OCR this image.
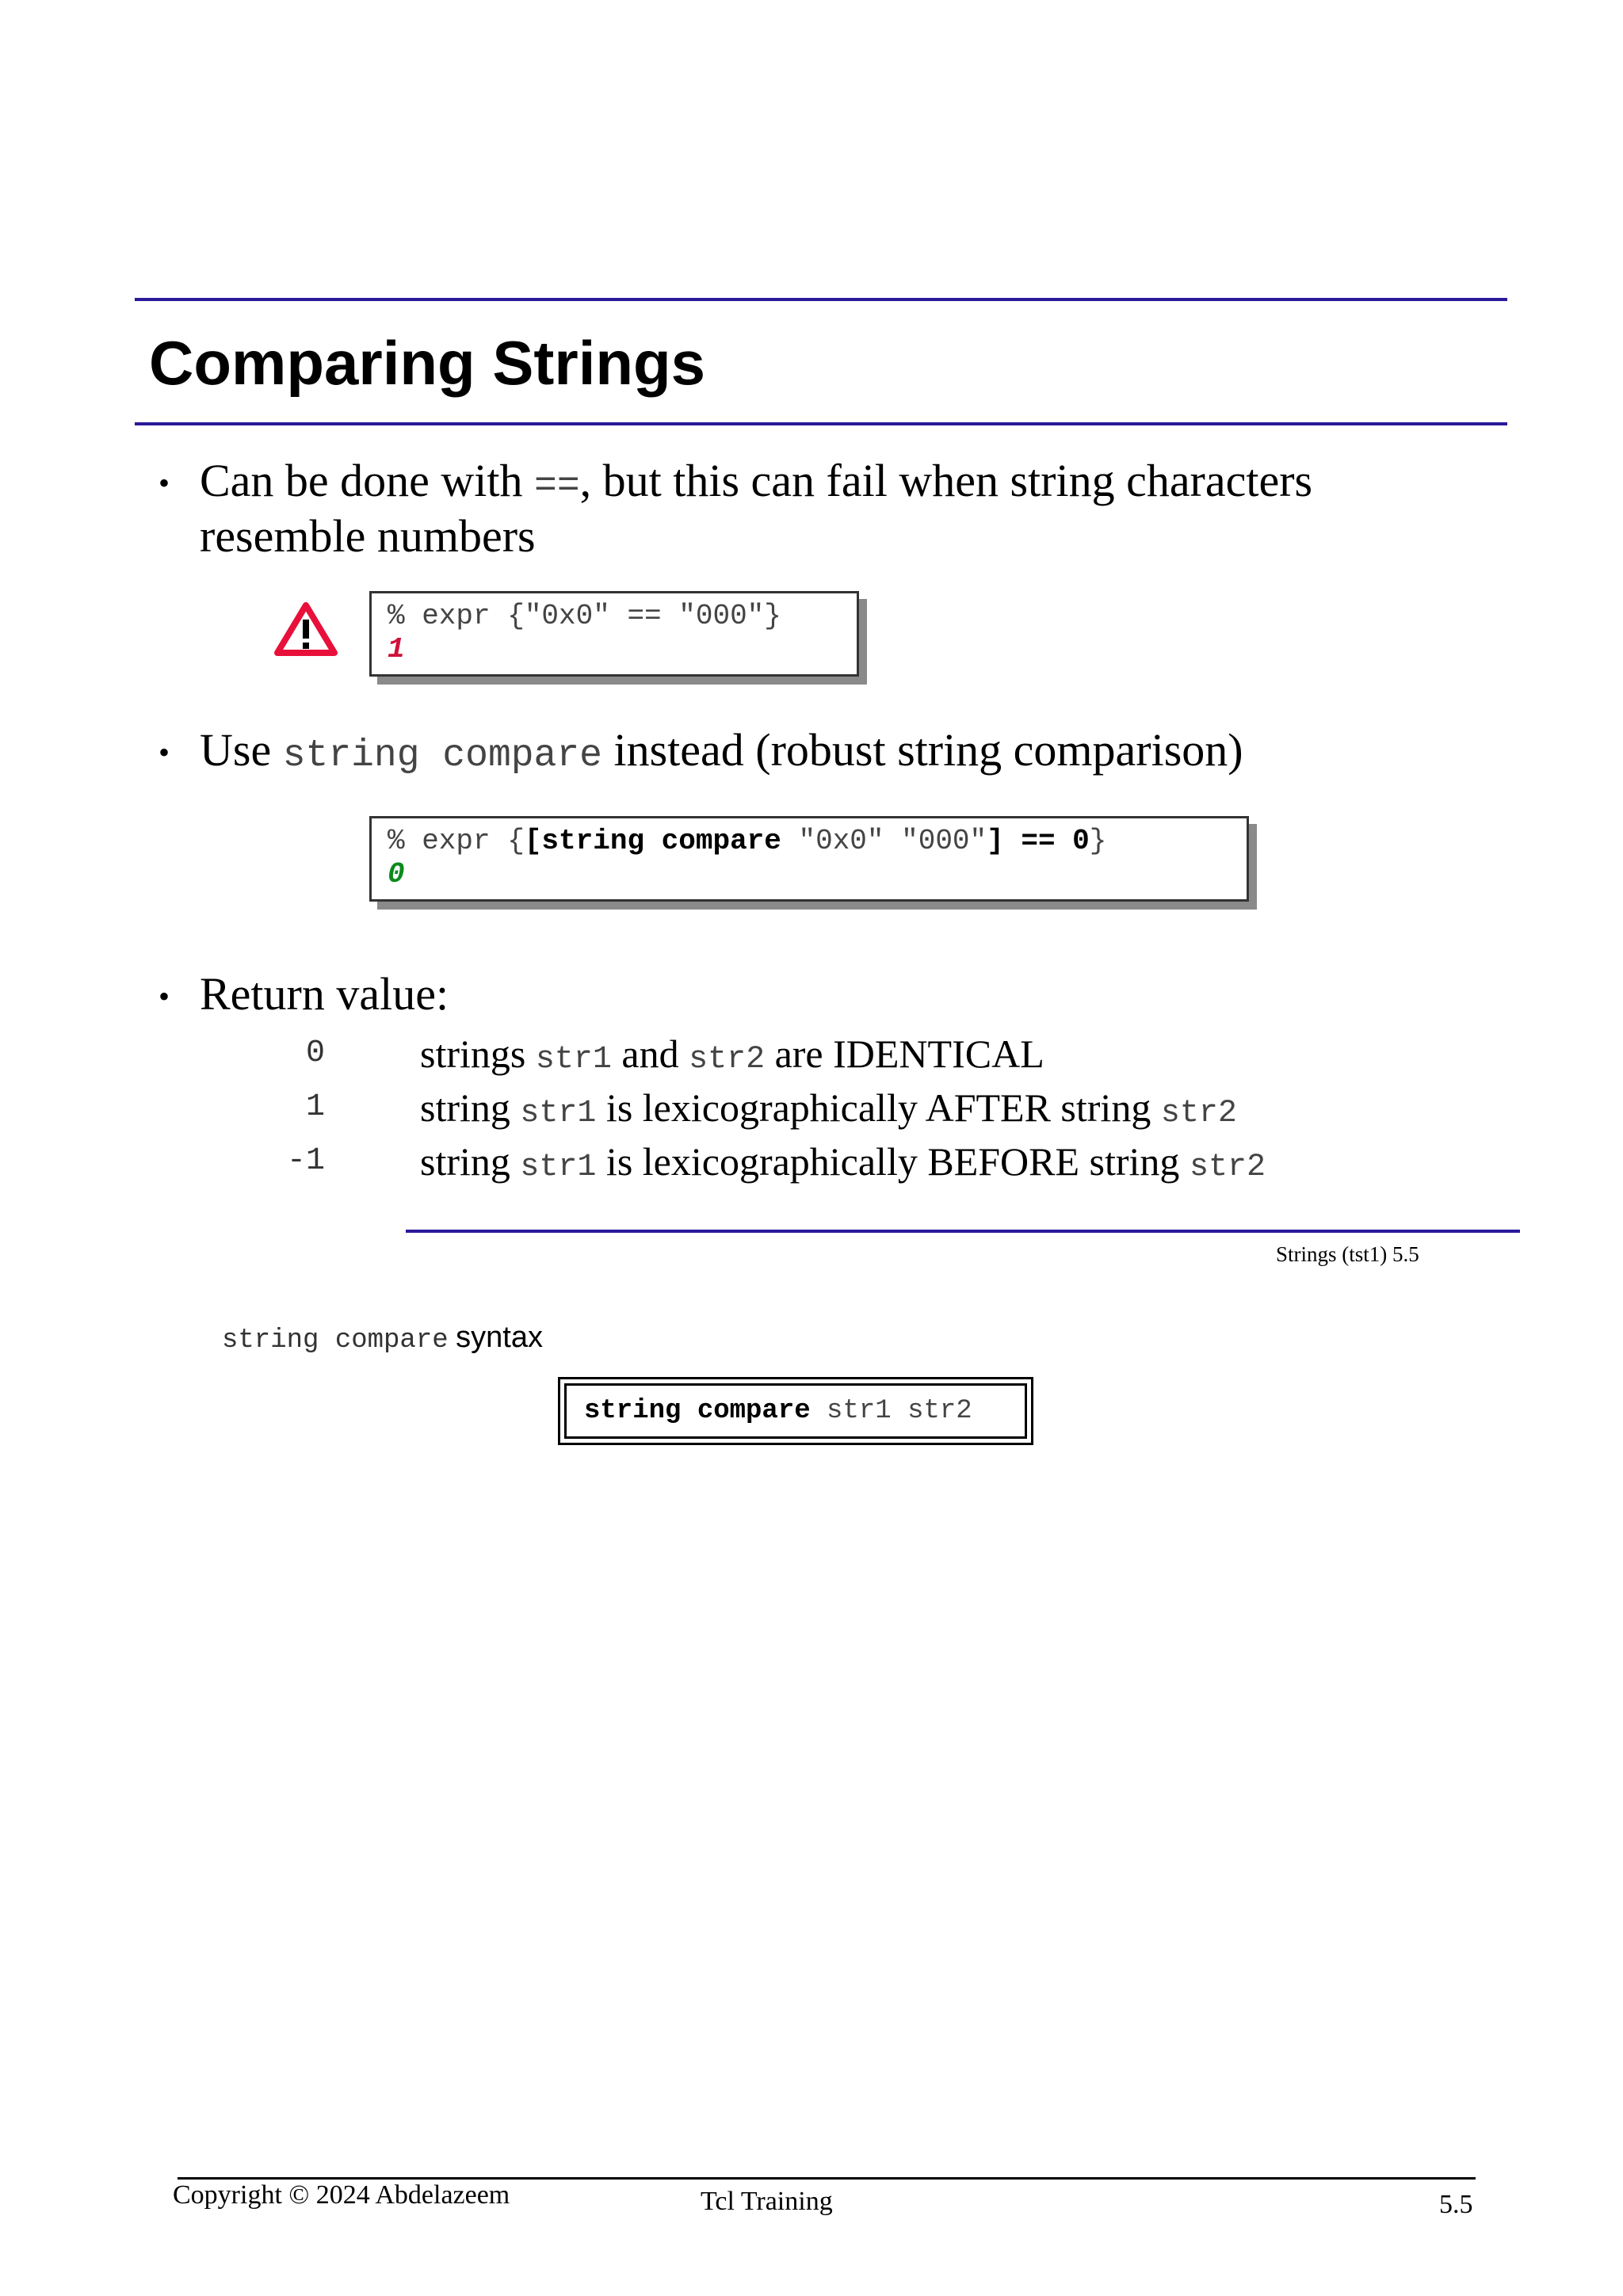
Comparing Strings
• Can be done with ==, but this can fail when string characters
resemble numbers
% expr {"0x0" == "000"}
1
• Use string compare instead (robust string comparison)
% expr {[string compare "0x0" "000"] == 0}
0
• Return value:
0 strings str1 and str2 are IDENTICAL
1 string str1 is lexicographically AFTER string str2
-1 string str1 is lexicographically BEFORE string str2
Strings (tst1) 5.5
string compare syntax
string compare str1 str2
Copyright © 2024 Abdelazeem	Tcl Training	5.5
